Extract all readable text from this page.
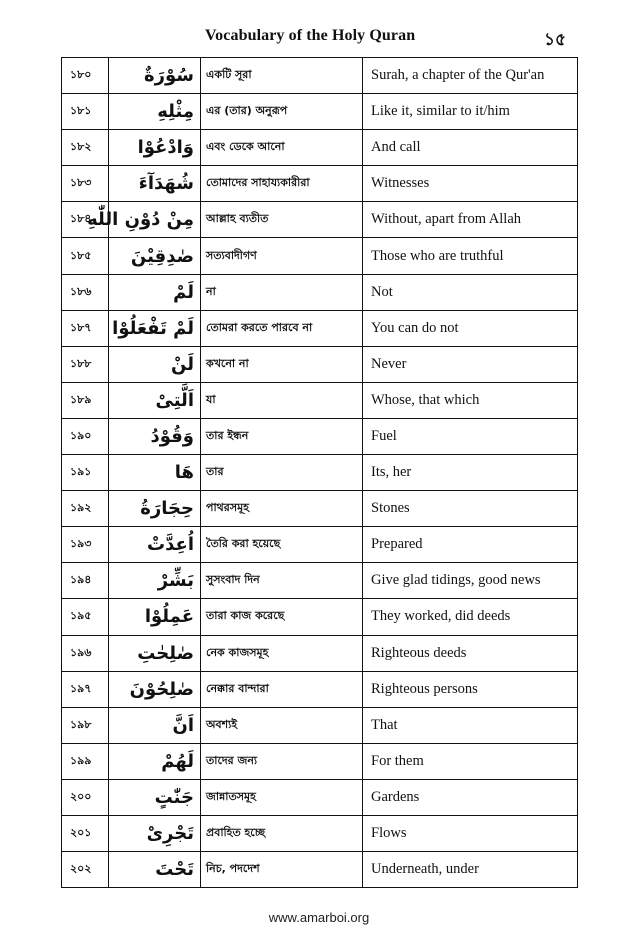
Vocabulary of the Holy Quran	১৫
১৮০	سُوْرَةٌ	একটি সূরা	Surah, a chapter of the Qur'an
১৮১	مِثْلِهِ	এর (তার) অনুরূপ	Like it, similar to it/him
১৮২	وَادْعُوْا	এবং ডেকে আনো	And call
১৮৩	شُهَدَآءَ	তোমাদের সাহায্যকারীরা	Witnesses
১৮৪	مِنْ دُوْنِ اللّٰهِ	আল্লাহ ব্যতীত	Without, apart from Allah
১৮৫	صٰدِقِيْنَ	সত্যবাদীগণ	Those who are truthful
১৮৬	لَمْ	না	Not
১৮৭	لَمْ تَفْعَلُوْا	তোমরা করতে পারবে না	You can do not
১৮৮	لَنْ	কখনো না	Never
১৮৯	اَلَّتِىْ	যা	Whose, that which
১৯০	وَقُوْدُ	তার ইন্ধন	Fuel
১৯১	هَا	তার	Its, her
১৯২	حِجَارَةُ	পাথরসমূহ	Stones
১৯৩	اُعِدَّتْ	তৈরি করা হয়েছে	Prepared
১৯৪	بَشِّرْ	সুসংবাদ দিন	Give glad tidings, good news
১৯৫	عَمِلُوْا	তারা কাজ করেছে	They worked, did deeds
১৯৬	صٰلِحٰتِ	নেক কাজসমূহ	Righteous deeds
১৯৭	صٰلِحُوْنَ	নেক্কার বান্দারা	Righteous persons
১৯৮	اَنَّ	অবশ্যই	That
১৯৯	لَهُمْ	তাদের জন্য	For them
২০০	جَنّٰتٍ	জান্নাতসমূহ	Gardens
২০১	تَجْرِىْ	প্রবাহিত হচ্ছে	Flows
২০২	تَحْتَ	নিচ, পদদেশ	Underneath, under
www.amarboi.org
